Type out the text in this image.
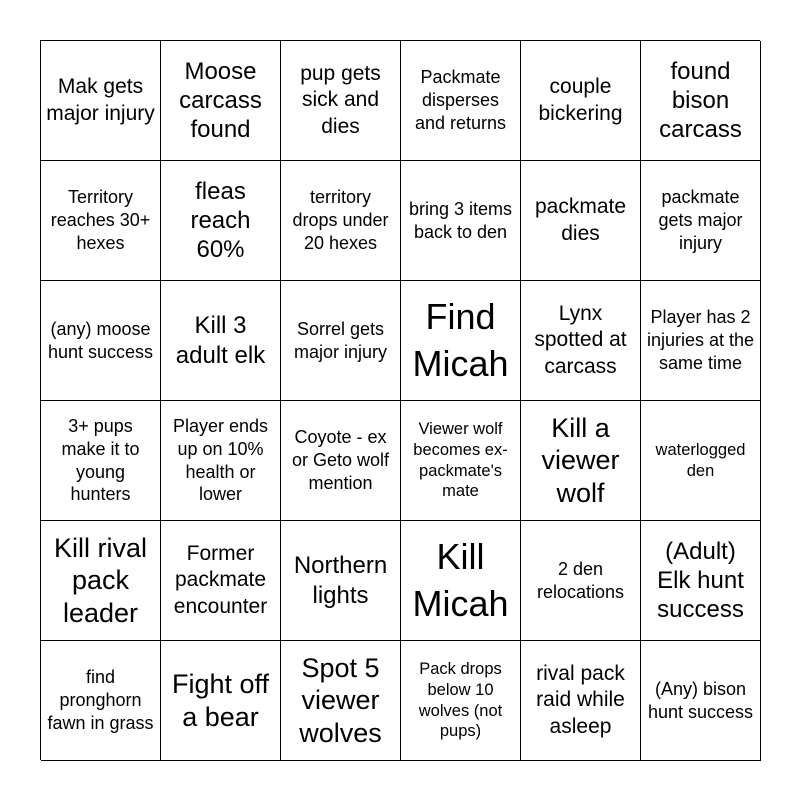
Mak gets major injury
Moose carcass found
pup gets sick and dies
Packmate disperses and returns
couple bickering
found bison carcass
Territory reaches 30+ hexes
fleas reach 60%
territory drops under 20 hexes
bring 3 items back to den
packmate dies
packmate gets major injury
(any) moose hunt success
Kill 3 adult elk
Sorrel gets major injury
Find Micah
Lynx spotted at carcass
Player has 2 injuries at the same time
3+ pups make it to young hunters
Player ends up on 10% health or lower
Coyote - ex or Geto wolf mention
Viewer wolf becomes ex-packmate's mate
Kill a viewer wolf
waterlogged den
Kill rival pack leader
Former packmate encounter
Northern lights
Kill Micah
2 den relocations
(Adult) Elk hunt success
find pronghorn fawn in grass
Fight off a bear
Spot 5 viewer wolves
Pack drops below 10 wolves (not pups)
rival pack raid while asleep
(Any) bison hunt success
